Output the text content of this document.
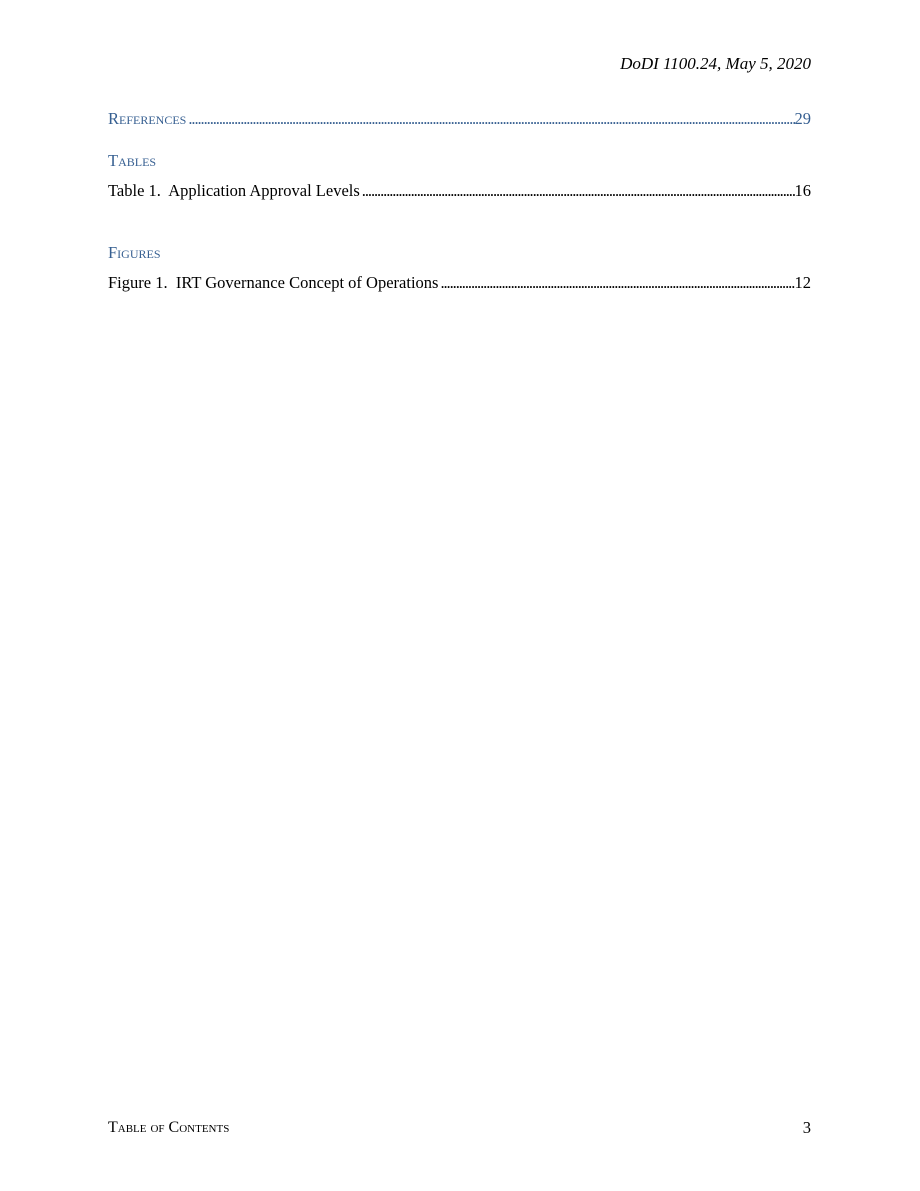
DoDI 1100.24, May 5, 2020
References . . .	29
Tables
Table 1.  Application Approval Levels . . .	16
Figures
Figure 1.  IRT Governance Concept of Operations . . .	12
Table of Contents	3
